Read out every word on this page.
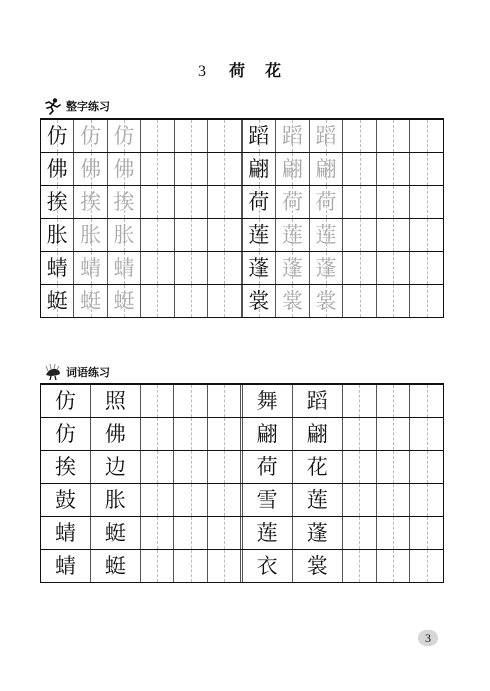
3 荷 花
整字练习
仿 仿 仿	蹈 蹈 蹈
佛 佛 佛	翩 翩 翩
挨 挨 挨	荷 荷 荷
胀 胀 胀	莲 莲 莲
蜻 蜻 蜻	蓬 蓬 蓬
蜓 蜓 蜓	裳 裳 裳
词语练习
仿 照	舞 蹈
仿 佛	翩 翩
挨 边	荷 花
鼓 胀	雪 莲
蜻 蜓	莲 蓬
蜻 蜓	衣 裳
3
